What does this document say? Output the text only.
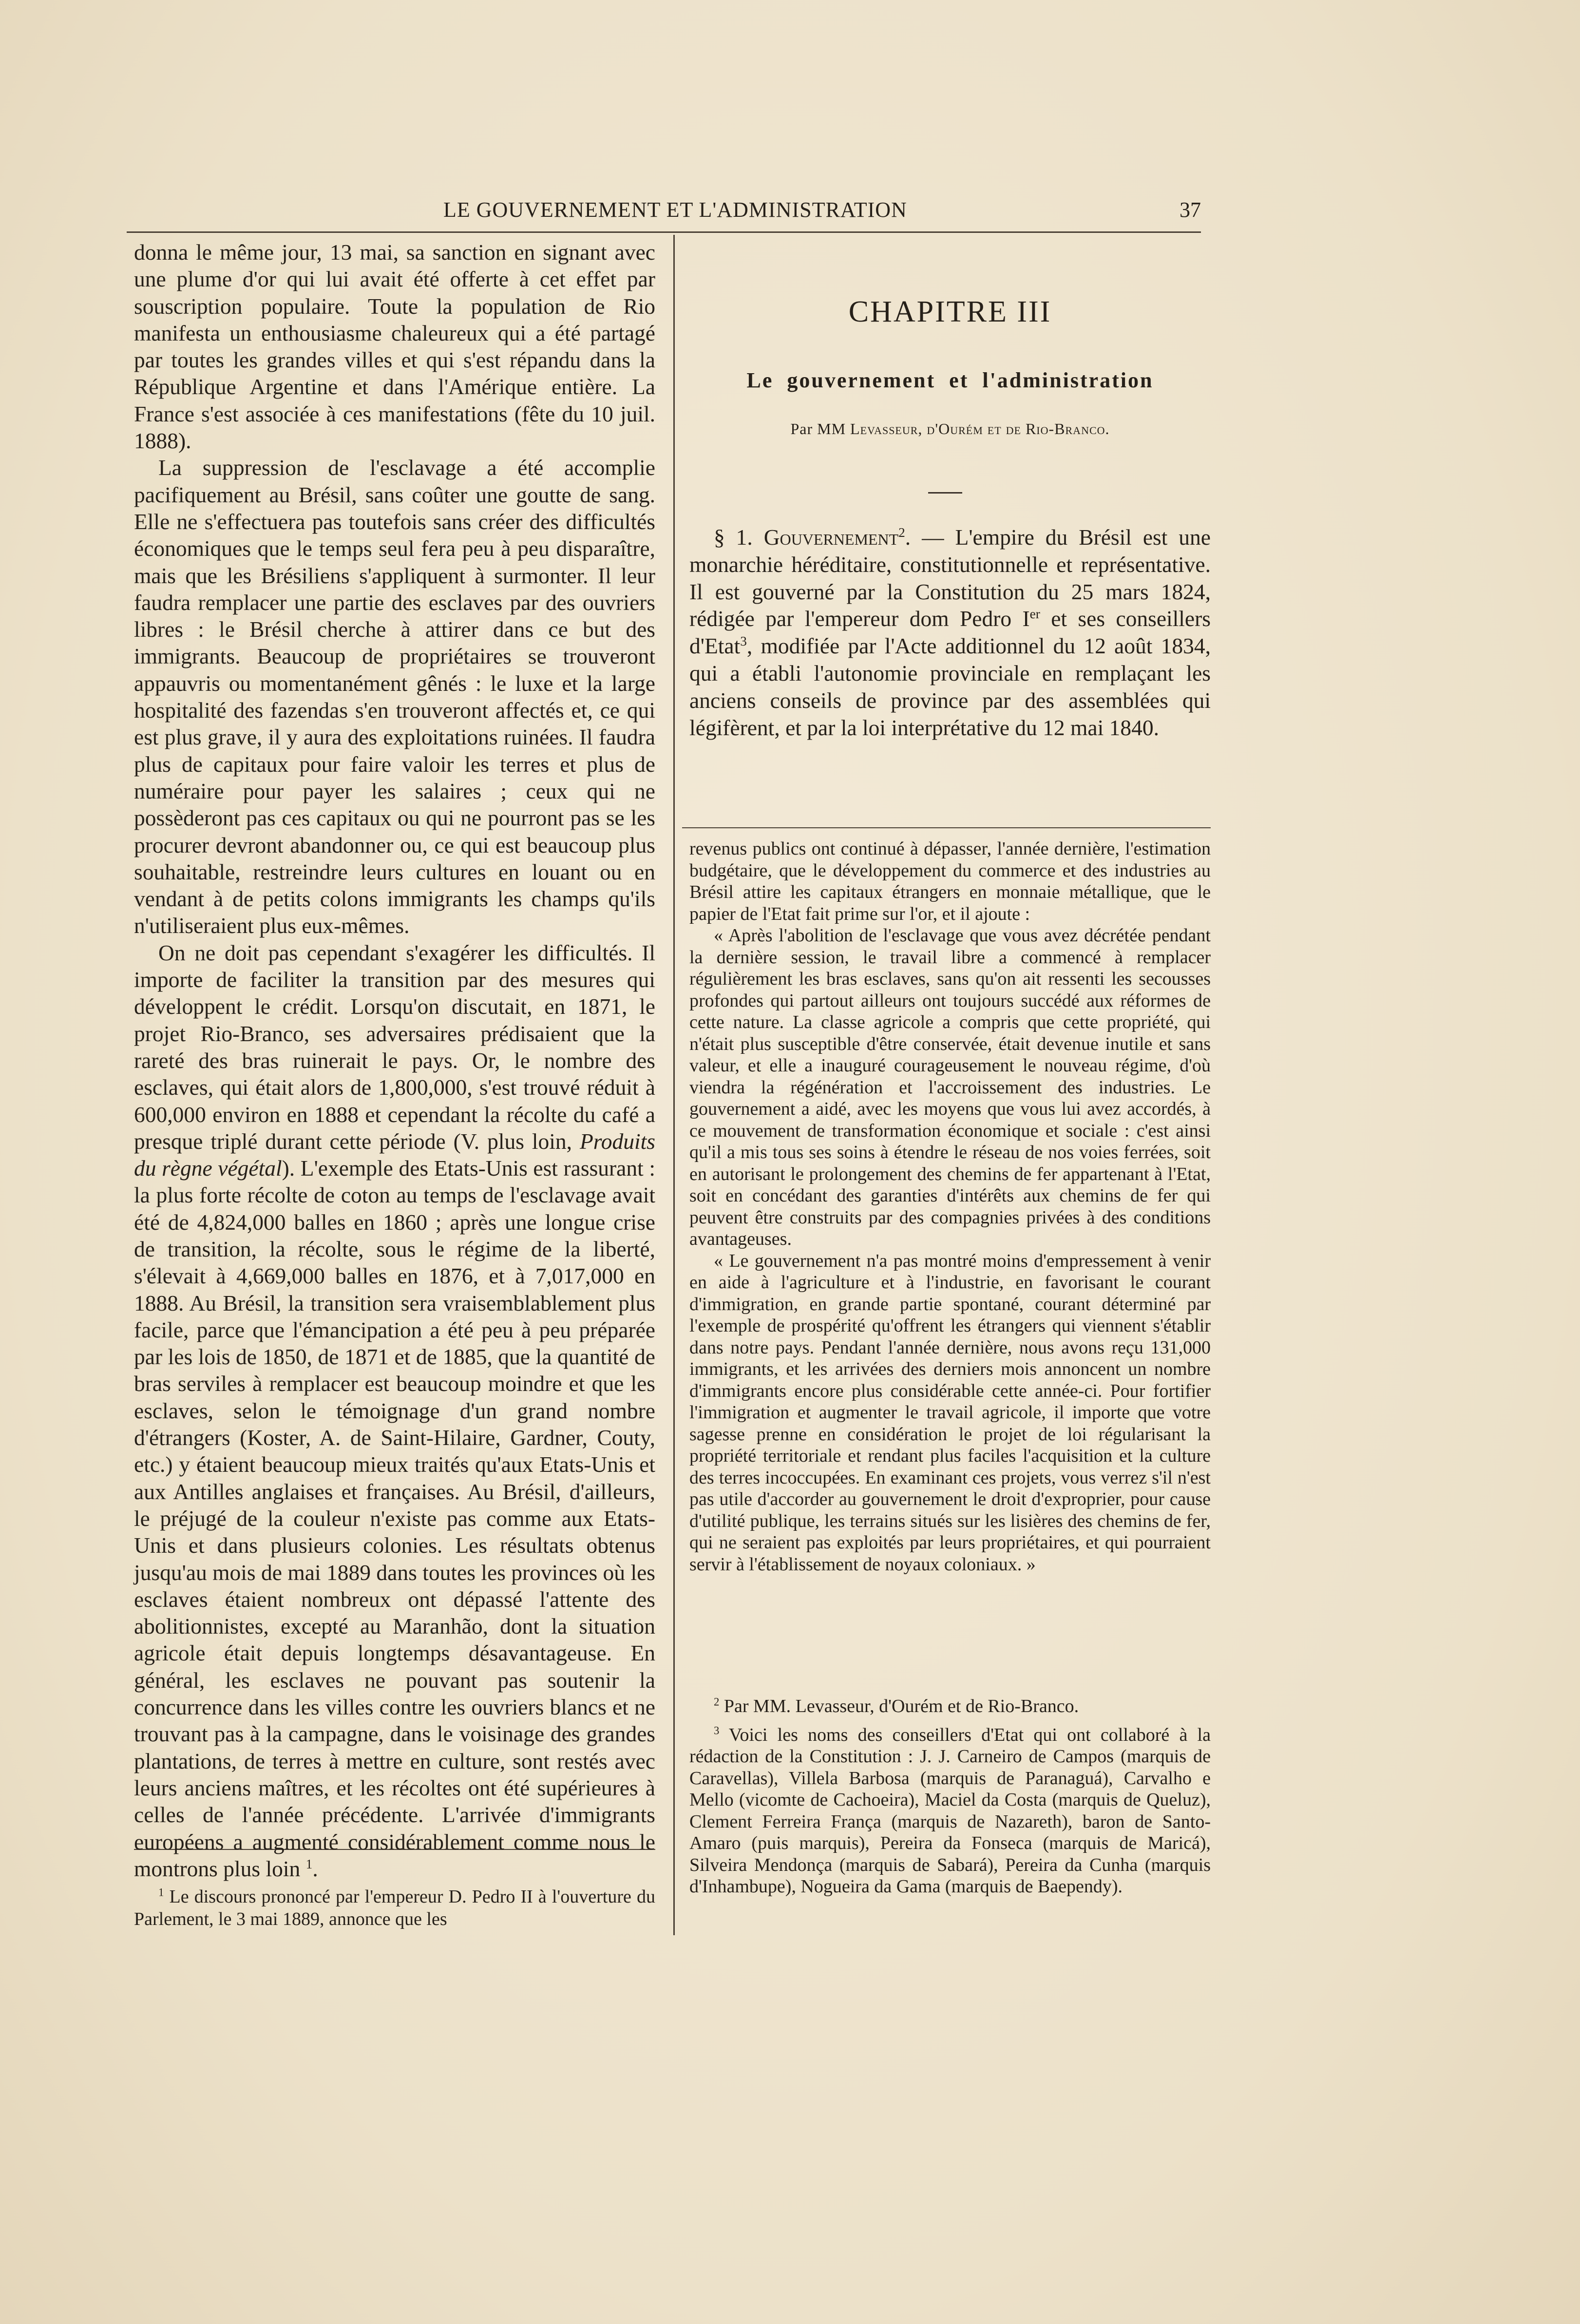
LE GOUVERNEMENT ET L'ADMINISTRATION	37

donna le même jour, 13 mai, sa sanction en signant avec une plume d'or qui lui avait été offerte à cet effet par souscription populaire. Toute la population de Rio manifesta un enthousiasme chaleureux qui a été partagé par toutes les grandes villes et qui s'est répandu dans la République Argentine et dans l'Amérique entière. La France s'est associée à ces manifestations (fête du 10 juil. 1888).

La suppression de l'esclavage a été accomplie pacifiquement au Brésil, sans coûter une goutte de sang. Elle ne s'effectuera pas toutefois sans créer des difficultés économiques que le temps seul fera peu à peu disparaître, mais que les Brésiliens s'appliquent à surmonter. Il leur faudra remplacer une partie des esclaves par des ouvriers libres : le Brésil cherche à attirer dans ce but des immigrants. Beaucoup de propriétaires se trouveront appauvris ou momentanément gênés : le luxe et la large hospitalité des fazendas s'en trouveront affectés et, ce qui est plus grave, il y aura des exploitations ruinées. Il faudra plus de capitaux pour faire valoir les terres et plus de numéraire pour payer les salaires ; ceux qui ne possèderont pas ces capitaux ou qui ne pourront pas se les procurer devront abandonner ou, ce qui est beaucoup plus souhaitable, restreindre leurs cultures en louant ou en vendant à de petits colons immigrants les champs qu'ils n'utiliseraient plus eux-mêmes.

On ne doit pas cependant s'exagérer les difficultés. Il importe de faciliter la transition par des mesures qui développent le crédit. Lorsqu'on discutait, en 1871, le projet Rio-Branco, ses adversaires prédisaient que la rareté des bras ruinerait le pays. Or, le nombre des esclaves, qui était alors de 1,800,000, s'est trouvé réduit à 600,000 environ en 1888 et cependant la récolte du café a presque triplé durant cette période (V. plus loin, Produits du règne végétal). L'exemple des Etats-Unis est rassurant : la plus forte récolte de coton au temps de l'esclavage avait été de 4,824,000 balles en 1860 ; après une longue crise de transition, la récolte, sous le régime de la liberté, s'élevait à 4,669,000 balles en 1876, et à 7,017,000 en 1888. Au Brésil, la transition sera vraisemblablement plus facile, parce que l'émancipation a été peu à peu préparée par les lois de 1850, de 1871 et de 1885, que la quantité de bras serviles à remplacer est beaucoup moindre et que les esclaves, selon le témoignage d'un grand nombre d'étrangers (Koster, A. de Saint-Hilaire, Gardner, Couty, etc.) y étaient beaucoup mieux traités qu'aux Etats-Unis et aux Antilles anglaises et françaises. Au Brésil, d'ailleurs, le préjugé de la couleur n'existe pas comme aux Etats-Unis et dans plusieurs colonies. Les résultats obtenus jusqu'au mois de mai 1889 dans toutes les provinces où les esclaves étaient nombreux ont dépassé l'attente des abolitionnistes, excepté au Maranhão, dont la situation agricole était depuis longtemps désavantageuse. En général, les esclaves ne pouvant pas soutenir la concurrence dans les villes contre les ouvriers blancs et ne trouvant pas à la campagne, dans le voisinage des grandes plantations, de terres à mettre en culture, sont restés avec leurs anciens maîtres, et les récoltes ont été supérieures à celles de l'année précédente. L'arrivée d'immigrants européens a augmenté considérablement comme nous le montrons plus loin $^1$.

$^1$ Le discours prononcé par l'empereur D. Pedro II à l'ouverture du Parlement, le 3 mai 1889, annonce que les

CHAPITRE III
Le gouvernement et l'administration
Par MM Levasseur, d'Ourém et de Rio-Branco.

§ 1. Gouvernement$^2$. — L'empire du Brésil est une monarchie héréditaire, constitutionnelle et représentative. Il est gouverné par la Constitution du 25 mars 1824, rédigée par l'empereur dom Pedro Ier et ses conseillers d'Etat$^3$, modifiée par l'Acte additionnel du 12 août 1834, qui a établi l'autonomie provinciale en remplaçant les anciens conseils de province par des assemblées qui légifèrent, et par la loi interprétative du 12 mai 1840.

revenus publics ont continué à dépasser, l'année dernière, l'estimation budgétaire, que le développement du commerce et des industries au Brésil attire les capitaux étrangers en monnaie métallique, que le papier de l'Etat fait prime sur l'or, et il ajoute :

« Après l'abolition de l'esclavage que vous avez décrétée pendant la dernière session, le travail libre a commencé à remplacer régulièrement les bras esclaves, sans qu'on ait ressenti les secousses profondes qui partout ailleurs ont toujours succédé aux réformes de cette nature. La classe agricole a compris que cette propriété, qui n'était plus susceptible d'être conservée, était devenue inutile et sans valeur, et elle a inauguré courageusement le nouveau régime, d'où viendra la régénération et l'accroissement des industries. Le gouvernement a aidé, avec les moyens que vous lui avez accordés, à ce mouvement de transformation économique et sociale : c'est ainsi qu'il a mis tous ses soins à étendre le réseau de nos voies ferrées, soit en autorisant le prolongement des chemins de fer appartenant à l'Etat, soit en concédant des garanties d'intérêts aux chemins de fer qui peuvent être construits par des compagnies privées à des conditions avantageuses.

« Le gouvernement n'a pas montré moins d'empressement à venir en aide à l'agriculture et à l'industrie, en favorisant le courant d'immigration, en grande partie spontané, courant déterminé par l'exemple de prospérité qu'offrent les étrangers qui viennent s'établir dans notre pays. Pendant l'année dernière, nous avons reçu 131,000 immigrants, et les arrivées des derniers mois annoncent un nombre d'immigrants encore plus considérable cette année-ci. Pour fortifier l'immigration et augmenter le travail agricole, il importe que votre sagesse prenne en considération le projet de loi régularisant la propriété territoriale et rendant plus faciles l'acquisition et la culture des terres incoccupées. En examinant ces projets, vous verrez s'il n'est pas utile d'accorder au gouvernement le droit d'exproprier, pour cause d'utilité publique, les terrains situés sur les lisières des chemins de fer, qui ne seraient pas exploités par leurs propriétaires, et qui pourraient servir à l'établissement de noyaux coloniaux. »

$^2$ Par MM. Levasseur, d'Ourém et de Rio-Branco.

$^3$ Voici les noms des conseillers d'Etat qui ont collaboré à la rédaction de la Constitution : J. J. Carneiro de Campos (marquis de Caravellas), Villela Barbosa (marquis de Paranaguá), Carvalho e Mello (vicomte de Cachoeira), Maciel da Costa (marquis de Queluz), Clement Ferreira França (marquis de Nazareth), baron de Santo-Amaro (puis marquis), Pereira da Fonseca (marquis de Maricá), Silveira Mendonça (marquis de Sabará), Pereira da Cunha (marquis d'Inhambupe), Nogueira da Gama (marquis de Baependy).
